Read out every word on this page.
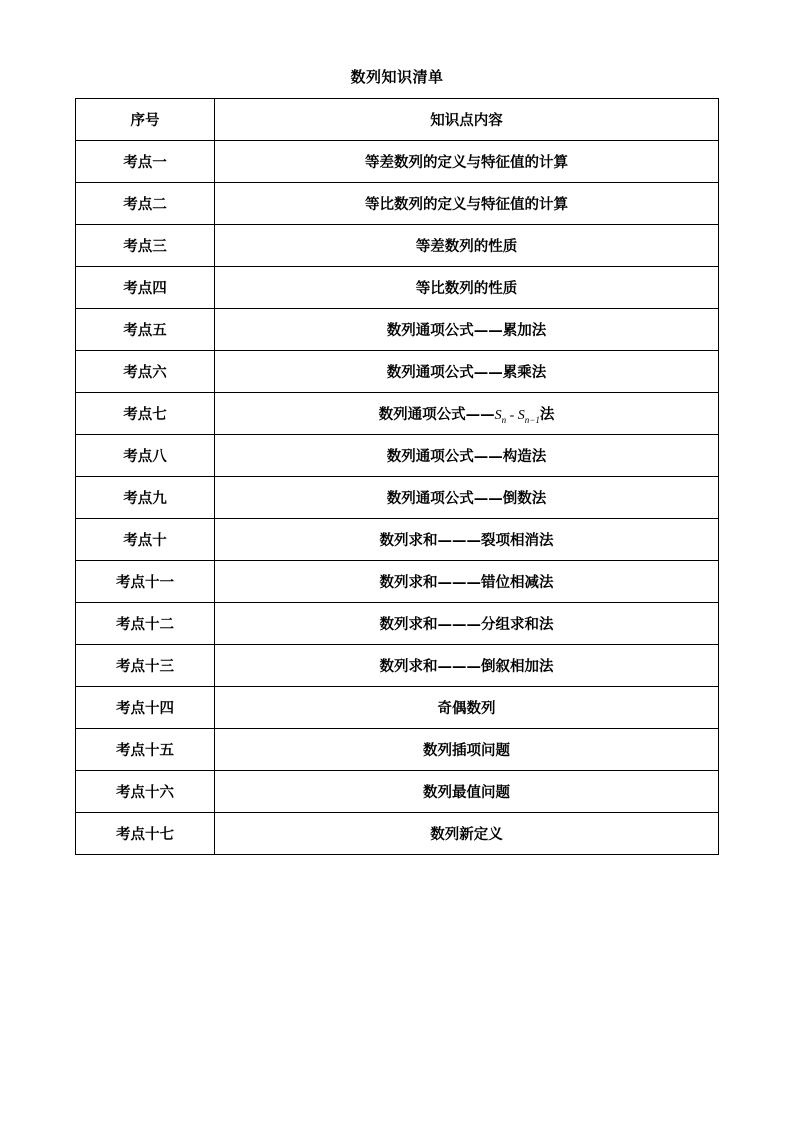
数列知识清单
序号	知识点内容
考点一	等差数列的定义与特征值的计算
考点二	等比数列的定义与特征值的计算
考点三	等差数列的性质
考点四	等比数列的性质
考点五	数列通项公式——累加法
考点六	数列通项公式——累乘法
考点七	数列通项公式$——S_n - S_{n-1}$法
考点八	数列通项公式——构造法
考点九	数列通项公式——倒数法
考点十	数列求和———裂项相消法
考点十一	数列求和———错位相减法
考点十二	数列求和———分组求和法
考点十三	数列求和———倒叙相加法
考点十四	奇偶数列
考点十五	数列插项问题
考点十六	数列最值问题
考点十七	数列新定义
